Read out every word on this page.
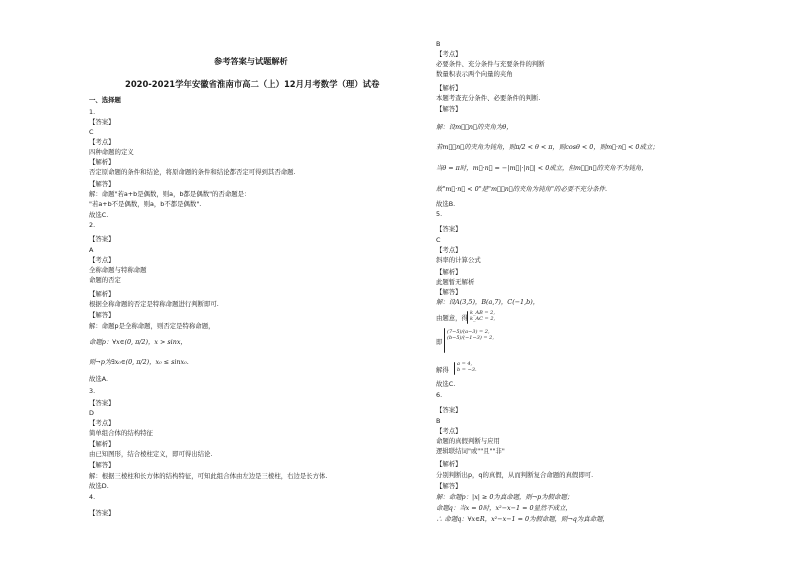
参考答案与试题解析
2020-2021学年安徽省淮南市高二（上）12月月考数学（理）试卷
一、选择题
1.
【答案】
C
【考点】
四种命题的定义
【解析】
否定原命题的条件和结论，将原命题的条件和结论都否定可得到其否命题.
【解答】
解：命题"若a+b是偶数，则a，b都是偶数"的否命题是：
"若a+b不是偶数，则a，b不都是偶数".
故选C.
2.
【答案】
A
【考点】
全称命题与特称命题
命题的否定
【解析】
根据全称命题的否定是特称命题进行判断即可.
【解答】
解：命题p是全称命题，则否定是特称命题，
命题p：∀x∈(0, π/2)，x > sinx，
则¬p为∃x₀∈(0, π/2)，x₀ ≤ sinx₀.
故选A.
3.
【答案】
D
【考点】
简单组合体的结构特征
【解析】
由已知图形，结合棱柱定义，即可得出结论.
【解答】
解：根据三棱柱和长方体的结构特征，可知此组合体由左边是三棱柱，右边是长方体.
故选D.
4.
【答案】
B
【考点】
必要条件、充分条件与充要条件的判断
数量积表示两个向量的夹角
【解析】
本题考查充分条件、必要条件的判断.
【解答】
解：设m⃗，n⃗的夹角为θ，
若m⃗，n⃗的夹角为钝角，则π/2 < θ < π，则cosθ < 0，则m⃗·n⃗ < 0成立；
当θ = π时，m⃗·n⃗ = −|m⃗|·|n⃗| < 0成立，但m⃗，n⃗的夹角不为钝角，
故"m⃗·n⃗ < 0"是"m⃗，n⃗的夹角为钝角"的必要不充分条件.
故选B.
5.
【答案】
C
【考点】
斜率的计算公式
【解析】
此题暂无解析
【解答】
解：设A(3,5)，B(a,7)，C(−1,b)，
由题意，得
k_AB = 2,
k_AC = 2,
即
(7−5)/(a−3) = 2,
(b−5)/(−1−3) = 2,
解得
a = 4,
b = −3.
故选C.
6.
【答案】
B
【考点】
命题的真假判断与应用
逻辑联结词"或""且""非"
【解析】
分别判断出p，q的真假，从而判断复合命题的真假即可.
【解答】
解：命题p：|x| ≥ 0为真命题，则¬p为假命题；
命题q：当x = 0时，x²−x−1 = 0显然不成立，
∴ 命题q：∀x∈R，x²−x−1 = 0为假命题，则¬q为真命题，
